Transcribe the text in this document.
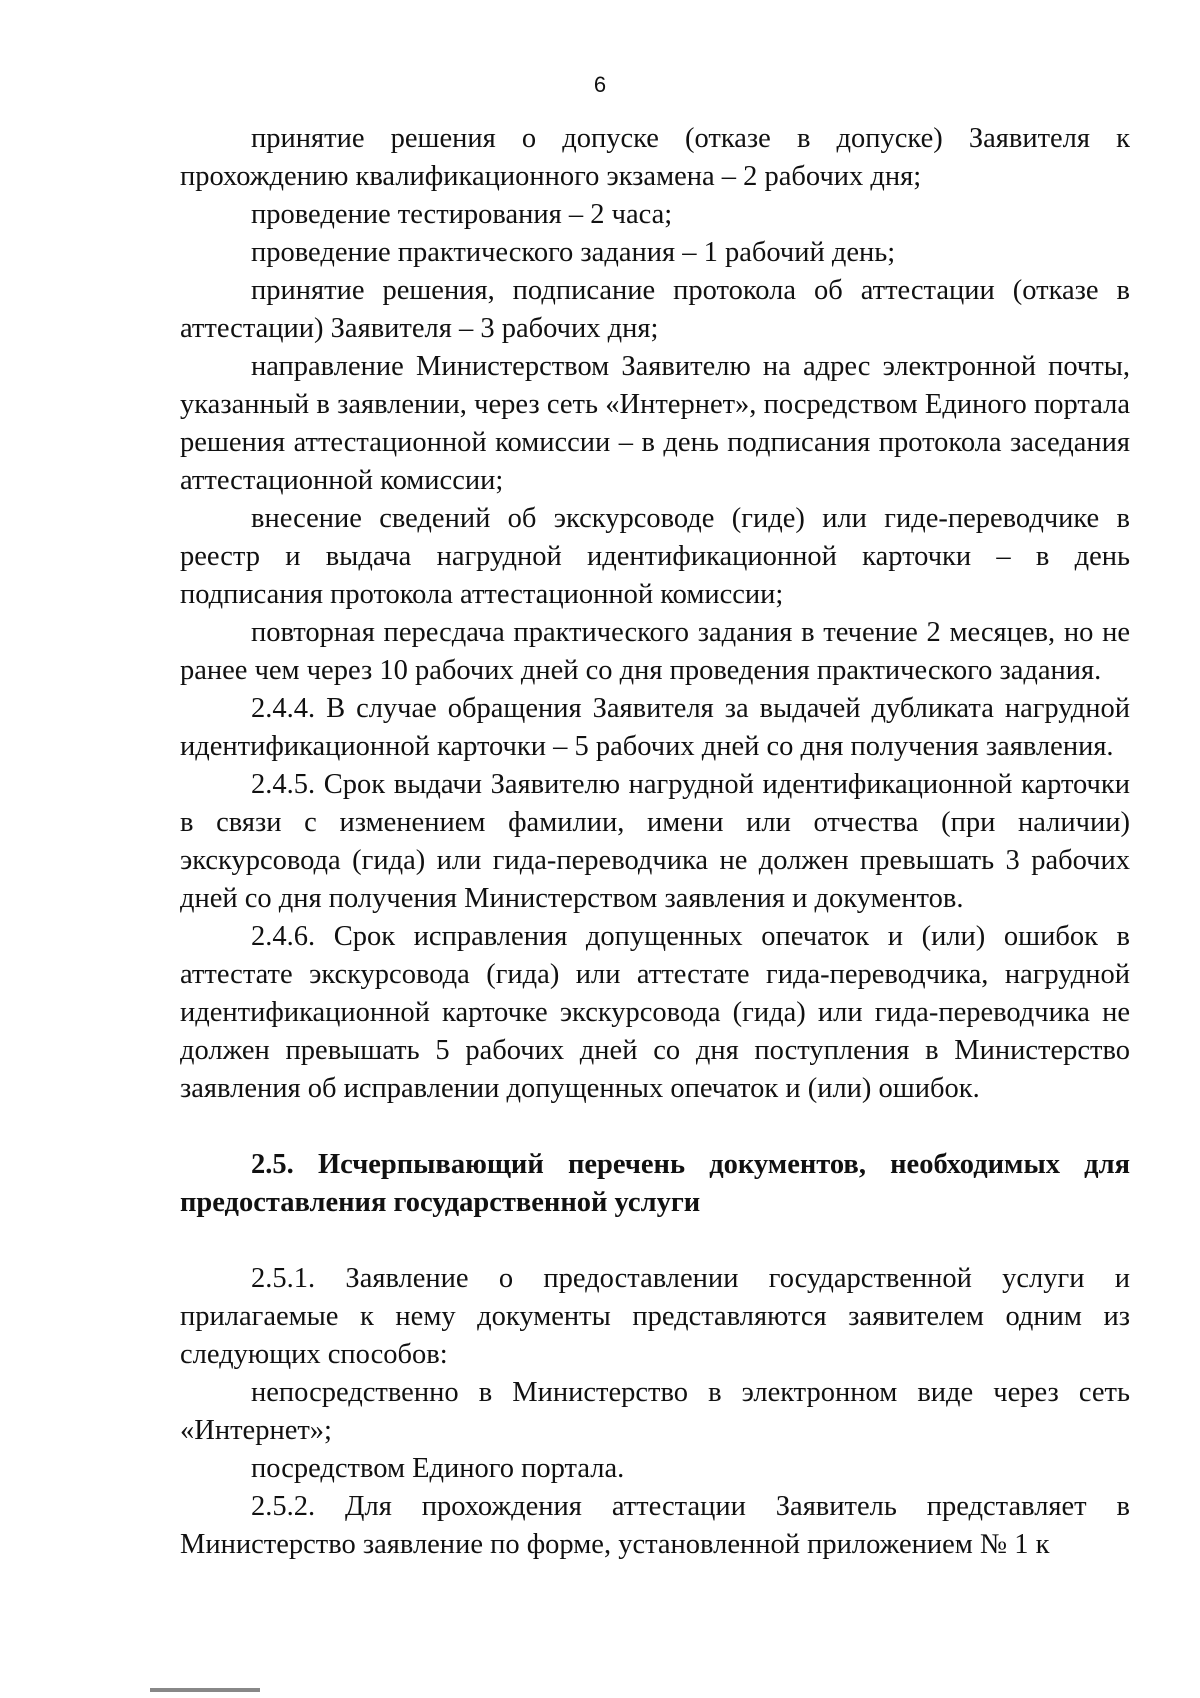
6

принятие решения о допуске (отказе в допуске) Заявителя к прохождению квалификационного экзамена – 2 рабочих дня;

проведение тестирования – 2 часа;

проведение практического задания – 1 рабочий день;

принятие решения, подписание протокола об аттестации (отказе в аттестации) Заявителя – 3 рабочих дня;

направление Министерством Заявителю на адрес электронной почты, указанный в заявлении, через сеть «Интернет», посредством Единого портала решения аттестационной комиссии – в день подписания протокола заседания аттестационной комиссии;

внесение сведений об экскурсоводе (гиде) или гиде-переводчике в реестр и выдача нагрудной идентификационной карточки – в день подписания протокола аттестационной комиссии;

повторная пересдача практического задания в течение 2 месяцев, но не ранее чем через 10 рабочих дней со дня проведения практического задания.

2.4.4. В случае обращения Заявителя за выдачей дубликата нагрудной идентификационной карточки – 5 рабочих дней со дня получения заявления.

2.4.5. Срок выдачи Заявителю нагрудной идентификационной карточки в связи с изменением фамилии, имени или отчества (при наличии) экскурсовода (гида) или гида-переводчика не должен превышать 3 рабочих дней со дня получения Министерством заявления и документов.

2.4.6. Срок исправления допущенных опечаток и (или) ошибок в аттестате экскурсовода (гида) или аттестате гида-переводчика, нагрудной идентификационной карточке экскурсовода (гида) или гида-переводчика не должен превышать 5 рабочих дней со дня поступления в Министерство заявления об исправлении допущенных опечаток и (или) ошибок.

2.5. Исчерпывающий перечень документов, необходимых для предоставления государственной услуги

2.5.1. Заявление о предоставлении государственной услуги и прилагаемые к нему документы представляются заявителем одним из следующих способов:

непосредственно в Министерство в электронном виде через сеть «Интернет»;

посредством Единого портала.

2.5.2. Для прохождения аттестации Заявитель представляет в Министерство заявление по форме, установленной приложением № 1 к
